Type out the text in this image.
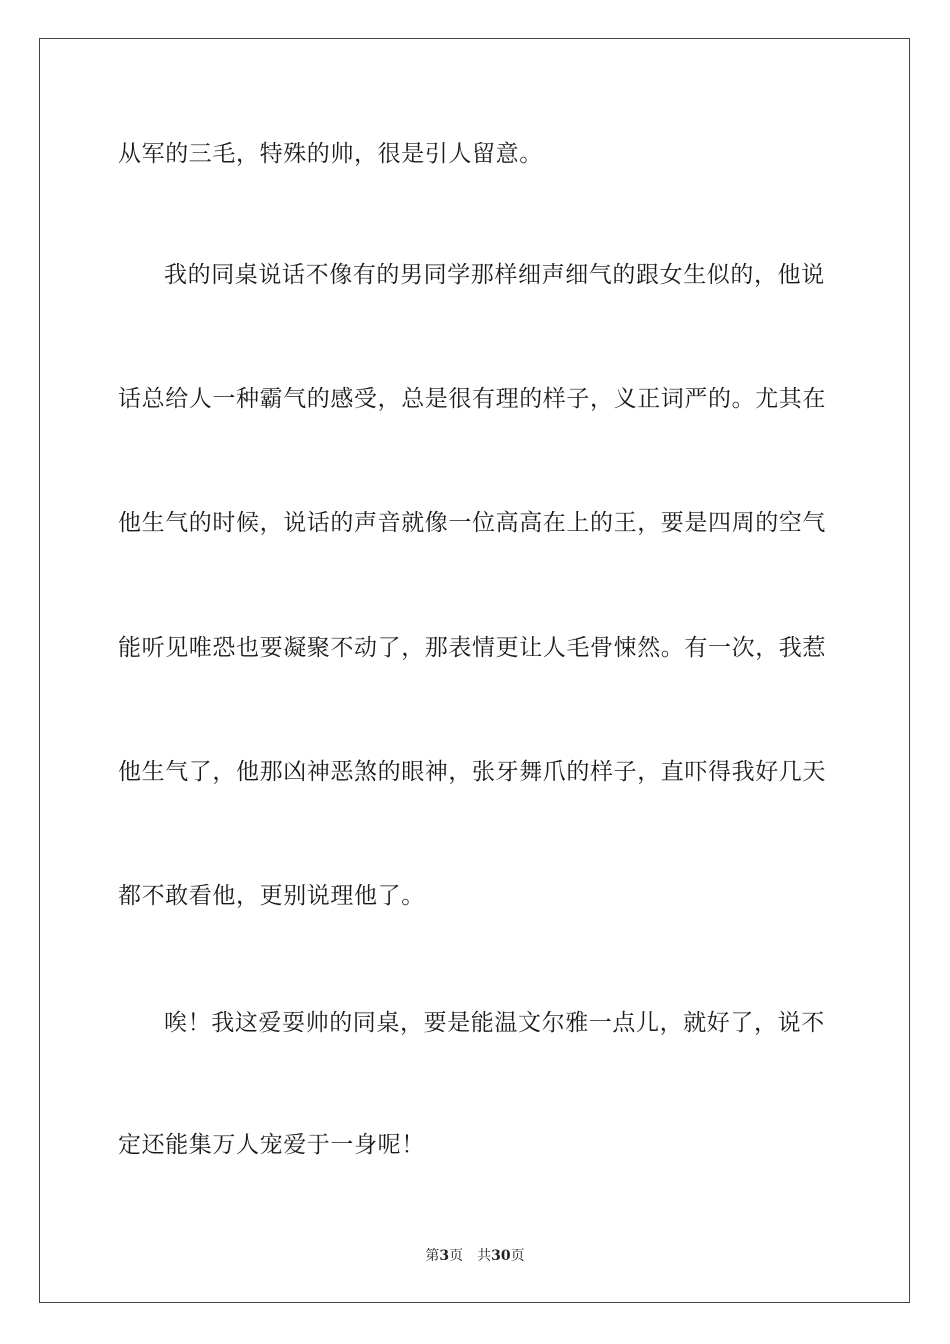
从军的三毛，特殊的帅，很是引人留意。
我的同桌说话不像有的男同学那样细声细气的跟女生似的，他说
话总给人一种霸气的感受，总是很有理的样子，义正词严的。尤其在
他生气的时候，说话的声音就像一位高高在上的王，要是四周的空气
能听见唯恐也要凝聚不动了，那表情更让人毛骨悚然。有一次，我惹
他生气了，他那凶神恶煞的眼神，张牙舞爪的样子，直吓得我好几天
都不敢看他，更别说理他了。
唉！我这爱耍帅的同桌，要是能温文尔雅一点儿，就好了，说不
定还能集万人宠爱于一身呢！
第3页 共30页
